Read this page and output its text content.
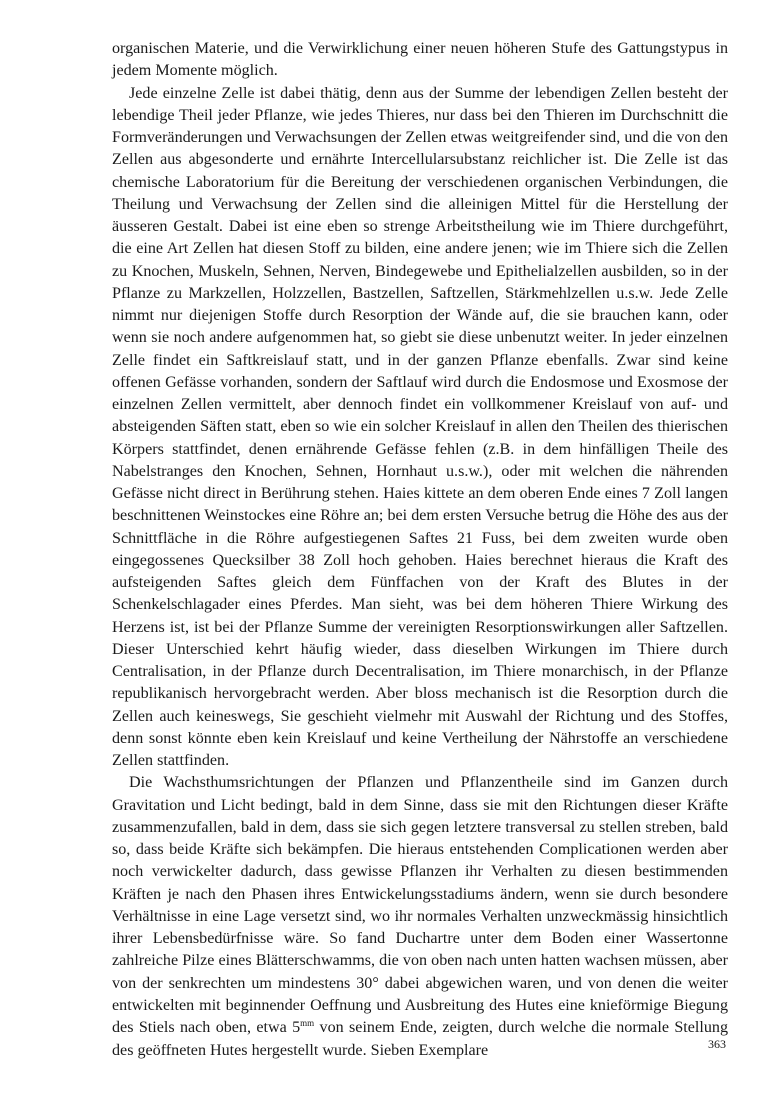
organischen Materie, und die Verwirklichung einer neuen höheren Stufe des Gattungstypus in jedem Momente möglich.

Jede einzelne Zelle ist dabei thätig, denn aus der Summe der lebendigen Zellen besteht der lebendige Theil jeder Pflanze, wie jedes Thieres, nur dass bei den Thieren im Durchschnitt die Formveränderungen und Verwachsungen der Zellen etwas weitgreifender sind, und die von den Zellen aus abgesonderte und ernährte Intercellularsubstanz reichlicher ist. Die Zelle ist das chemische Laboratorium für die Bereitung der verschiedenen organischen Verbindungen, die Theilung und Verwachsung der Zellen sind die alleinigen Mittel für die Herstellung der äusseren Gestalt. Dabei ist eine eben so strenge Arbeitstheilung wie im Thiere durchgeführt, die eine Art Zellen hat diesen Stoff zu bilden, eine andere jenen; wie im Thiere sich die Zellen zu Knochen, Muskeln, Sehnen, Nerven, Bindegewebe und Epithelialzellen ausbilden, so in der Pflanze zu Markzellen, Holzzellen, Bastzellen, Saftzellen, Stärkmehlzellen u.s.w. Jede Zelle nimmt nur diejenigen Stoffe durch Resorption der Wände auf, die sie brauchen kann, oder wenn sie noch andere aufgenommen hat, so giebt sie diese unbenutzt weiter. In jeder einzelnen Zelle findet ein Saftkreislauf statt, und in der ganzen Pflanze ebenfalls. Zwar sind keine offenen Gefässe vorhanden, sondern der Saftlauf wird durch die Endosmose und Exosmose der einzelnen Zellen vermittelt, aber dennoch findet ein vollkommener Kreislauf von auf- und absteigenden Säften statt, eben so wie ein solcher Kreislauf in allen den Theilen des thierischen Körpers stattfindet, denen ernährende Gefässe fehlen (z.B. in dem hinfälligen Theile des Nabelstranges den Knochen, Sehnen, Hornhaut u.s.w.), oder mit welchen die nährenden Gefässe nicht direct in Berührung stehen. Haies kittete an dem oberen Ende eines 7 Zoll langen beschnittenen Weinstockes eine Röhre an; bei dem ersten Versuche betrug die Höhe des aus der Schnittfläche in die Röhre aufgestiegenen Saftes 21 Fuss, bei dem zweiten wurde oben eingegossenes Quecksilber 38 Zoll hoch gehoben. Haies berechnet hieraus die Kraft des aufsteigenden Saftes gleich dem Fünffachen von der Kraft des Blutes in der Schenkelschlagader eines Pferdes. Man sieht, was bei dem höheren Thiere Wirkung des Herzens ist, ist bei der Pflanze Summe der vereinigten Resorptionswirkungen aller Saftzellen. Dieser Unterschied kehrt häufig wieder, dass dieselben Wirkungen im Thiere durch Centralisation, in der Pflanze durch Decentralisation, im Thiere monarchisch, in der Pflanze republikanisch hervorgebracht werden. Aber bloss mechanisch ist die Resorption durch die Zellen auch keineswegs, Sie geschieht vielmehr mit Auswahl der Richtung und des Stoffes, denn sonst könnte eben kein Kreislauf und keine Vertheilung der Nährstoffe an verschiedene Zellen stattfinden.

Die Wachsthumsrichtungen der Pflanzen und Pflanzentheile sind im Ganzen durch Gravitation und Licht bedingt, bald in dem Sinne, dass sie mit den Richtungen dieser Kräfte zusammenzufallen, bald in dem, dass sie sich gegen letztere transversal zu stellen streben, bald so, dass beide Kräfte sich bekämpfen. Die hieraus entstehenden Complicationen werden aber noch verwickelter dadurch, dass gewisse Pflanzen ihr Verhalten zu diesen bestimmenden Kräften je nach den Phasen ihres Entwickelungsstadiums ändern, wenn sie durch besondere Verhältnisse in eine Lage versetzt sind, wo ihr normales Verhalten unzweckmässig hinsichtlich ihrer Lebensbedürfnisse wäre. So fand Duchartre unter dem Boden einer Wassertonne zahlreiche Pilze eines Blätterschwamms, die von oben nach unten hatten wachsen müssen, aber von der senkrechten um mindestens 30° dabei abgewichen waren, und von denen die weiter entwickelten mit beginnender Oeffnung und Ausbreitung des Hutes eine knieförmige Biegung des Stiels nach oben, etwa $5^{mm}$ von seinem Ende, zeigten, durch welche die normale Stellung des geöffneten Hutes hergestellt wurde. Sieben Exemplare	363
